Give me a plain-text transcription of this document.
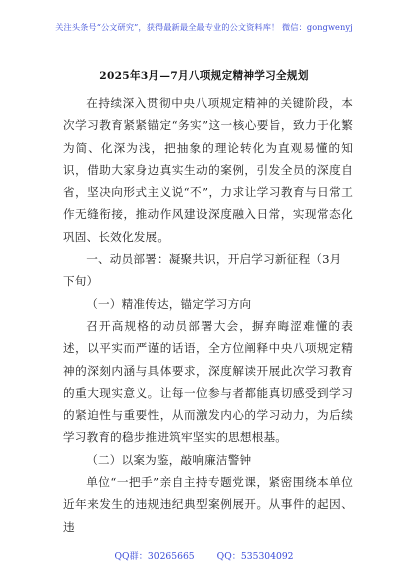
关注头条号“公文研究”，获得最新最全最专业的公文资料库！ 微信：gongwenyj
2025年3月—7月八项规定精神学习全规划

在持续深入贯彻中央八项规定精神的关键阶段，本次学习教育紧紧锚定“务实”这一核心要旨，致力于化繁为简、化深为浅，把抽象的理论转化为直观易懂的知识，借助大家身边真实生动的案例，引发全员的深度自省，坚决向形式主义说“不”，力求让学习教育与日常工作无缝衔接，推动作风建设深度融入日常，实现常态化巩固、长效化发展。

一、动员部署：凝聚共识，开启学习新征程（3月下旬）

（一）精准传达，锚定学习方向

召开高规格的动员部署大会，摒弃晦涩难懂的表述，以平实而严谨的话语，全方位阐释中央八项规定精神的深刻内涵与具体要求，深度解读开展此次学习教育的重大现实意义。让每一位参与者都能真切感受到学习的紧迫性与重要性，从而激发内心的学习动力，为后续学习教育的稳步推进筑牢坚实的思想根基。

（二）以案为鉴，敲响廉洁警钟

单位“一把手”亲自主持专题党课，紧密围绕本单位近年来发生的违规违纪典型案例展开。从事件的起因、违

QQ群：30265665 QQ：535304092
